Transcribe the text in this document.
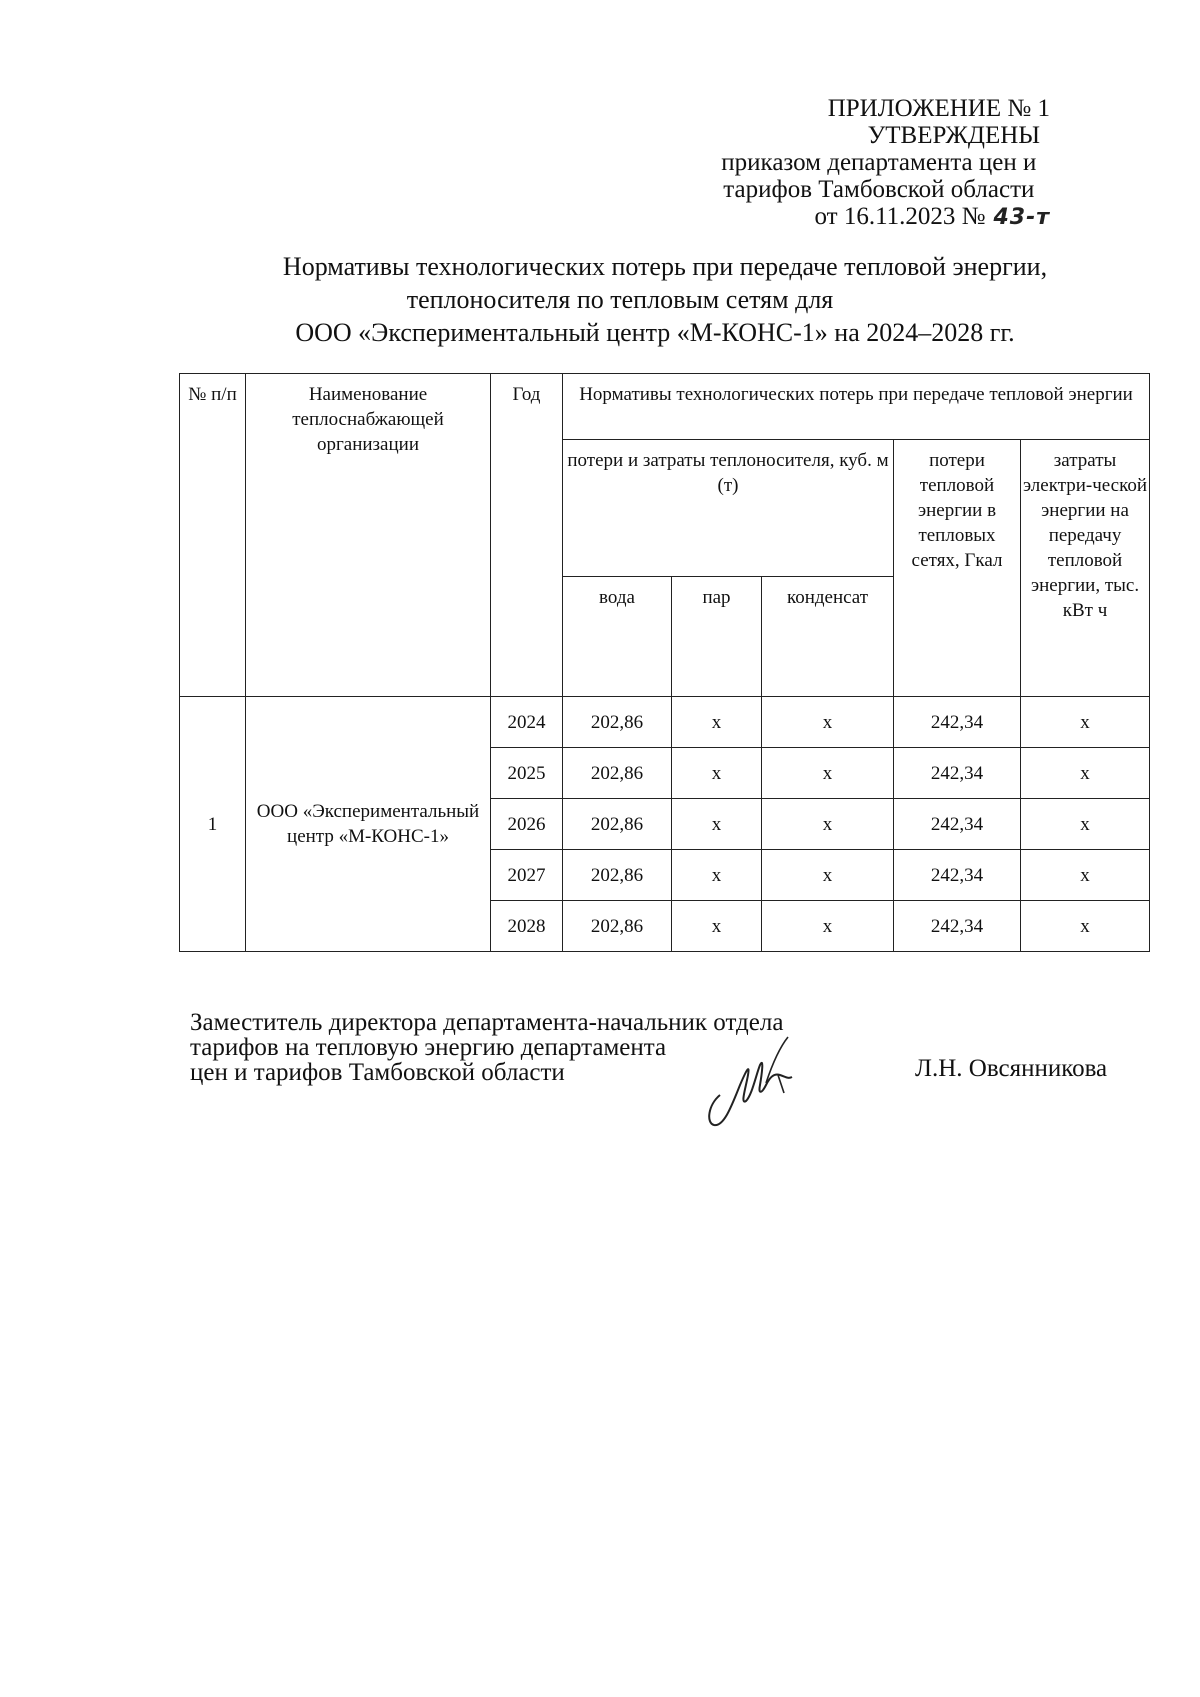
ПРИЛОЖЕНИЕ № 1
УТВЕРЖДЕНЫ
приказом департамента цен и
тарифов Тамбовской области
от 16.11.2023 № 43-т
Нормативы технологических потерь при передаче тепловой энергии,
теплоносителя по тепловым сетям для
ООО «Экспериментальный центр «М-КОНС-1» на 2024–2028 гг.
№ п/п	Наименование теплоснабжающей организации	Год	Нормативы технологических потерь при передаче тепловой энергии				
			потери и затраты теплоносителя, куб. м (т)			потери тепловой энергии в тепловых сетях, Гкал	затраты электри-ческой энергии на передачу тепловой энергии, тыс. кВт ч
			вода	пар	конденсат		
1	ООО «Экспериментальный центр «М-КОНС-1»	2024	202,86	х	х	242,34	х
		2025	202,86	х	х	242,34	х
		2026	202,86	х	х	242,34	х
		2027	202,86	х	х	242,34	х
		2028	202,86	х	х	242,34	х
Заместитель директора департамента-начальник отдела
тарифов на тепловую энергию департамента
цен и тарифов Тамбовской области	Л.Н. Овсянникова
